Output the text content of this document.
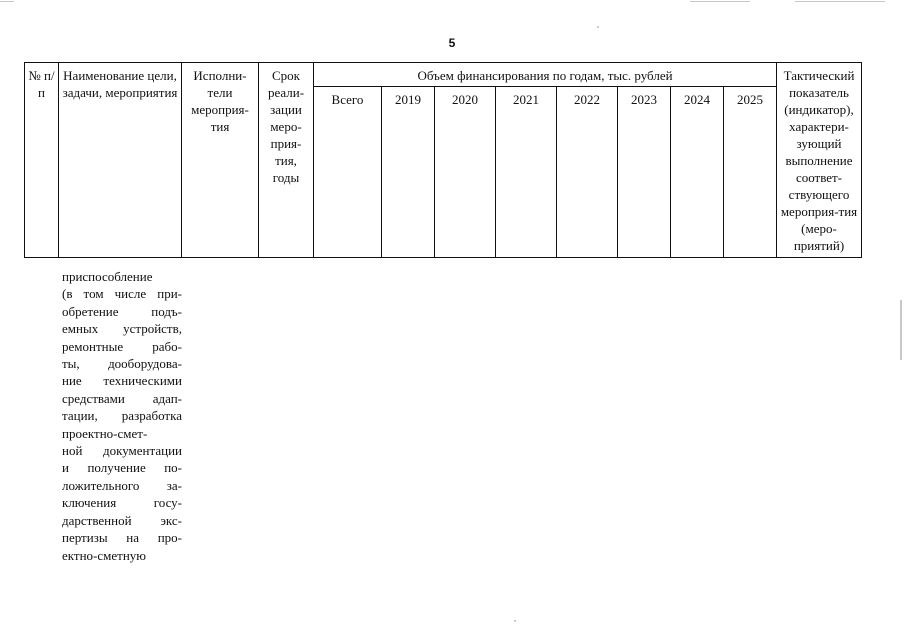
5
№ п/п	Наименование цели, задачи, мероприятия	Исполни-тели мероприя-тия	Срок реали-зации меро-прия-тия, годы	Объем финансирования по годам, тыс. рублей								Тактический показатель (индикатор), характери-зующий выполнение соответ-ствующего мероприя-тия (меро-приятий)
				Всего	2019	2020	2021	2022	2023	2024	2025	
приспособление
(в том числе при-
обретение подъ-
емных устройств,
ремонтные рабо-
ты, дооборудова-
ние техническими
средствами адап-
тации, разработка
проектно-смет-
ной документации
и получение по-
ложительного за-
ключения госу-
дарственной экс-
пертизы на про-
ектно-сметную
